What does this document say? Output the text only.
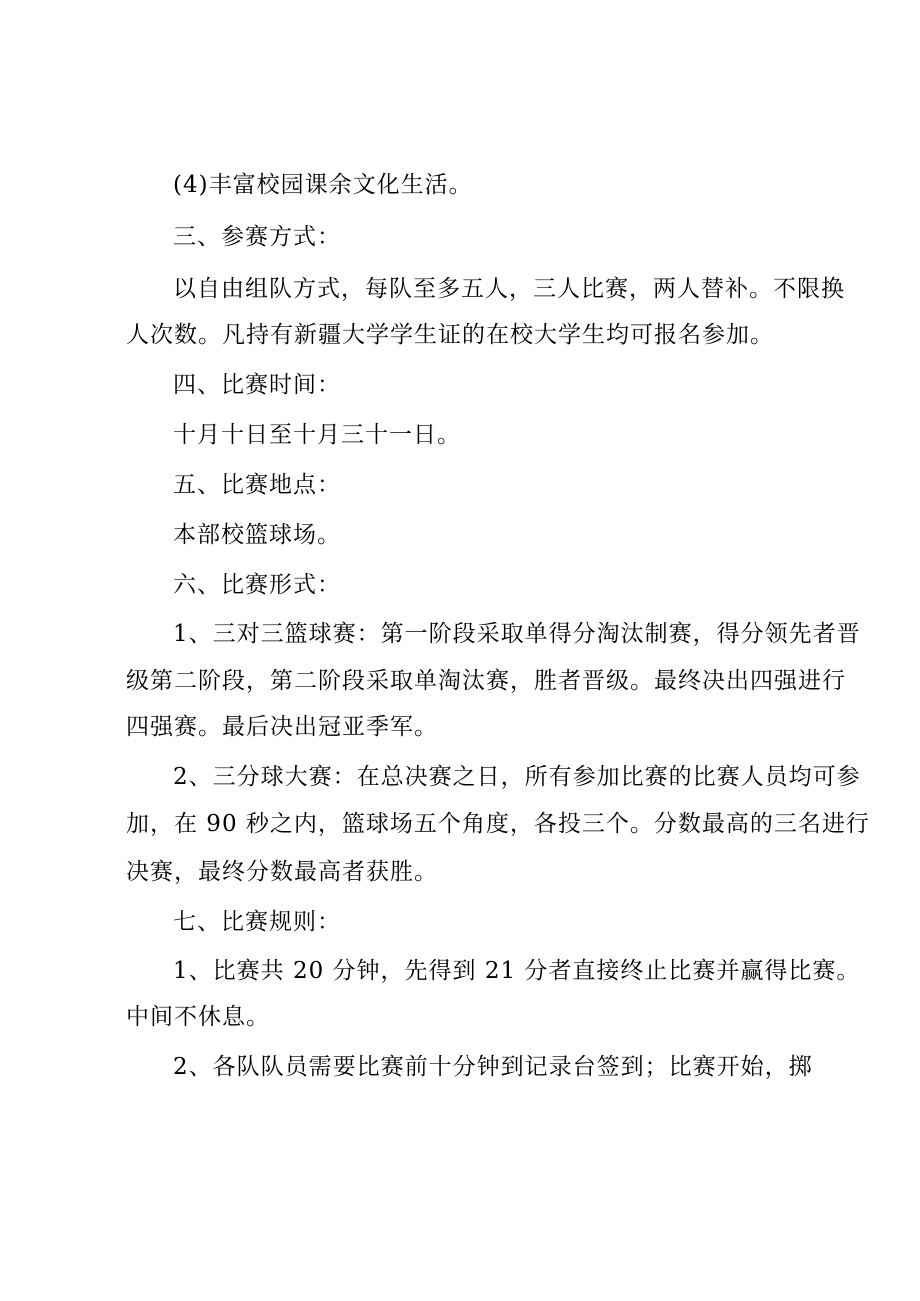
(4)丰富校园课余文化生活。

三、参赛方式：

以自由组队方式，每队至多五人，三人比赛，两人替补。不限换

人次数。凡持有新疆大学学生证的在校大学生均可报名参加。

四、比赛时间：

十月十日至十月三十一日。

五、比赛地点：

本部校篮球场。

六、比赛形式：

1、三对三篮球赛：第一阶段采取单得分淘汰制赛，得分领先者晋

级第二阶段，第二阶段采取单淘汰赛，胜者晋级。最终决出四强进行

四强赛。最后决出冠亚季军。

2、三分球大赛：在总决赛之日，所有参加比赛的比赛人员均可参

加，在 90 秒之内，篮球场五个角度，各投三个。分数最高的三名进行

决赛，最终分数最高者获胜。

七、比赛规则：

1、比赛共 20 分钟，先得到 21 分者直接终止比赛并赢得比赛。

中间不休息。

2、各队队员需要比赛前十分钟到记录台签到；比赛开始，掷
